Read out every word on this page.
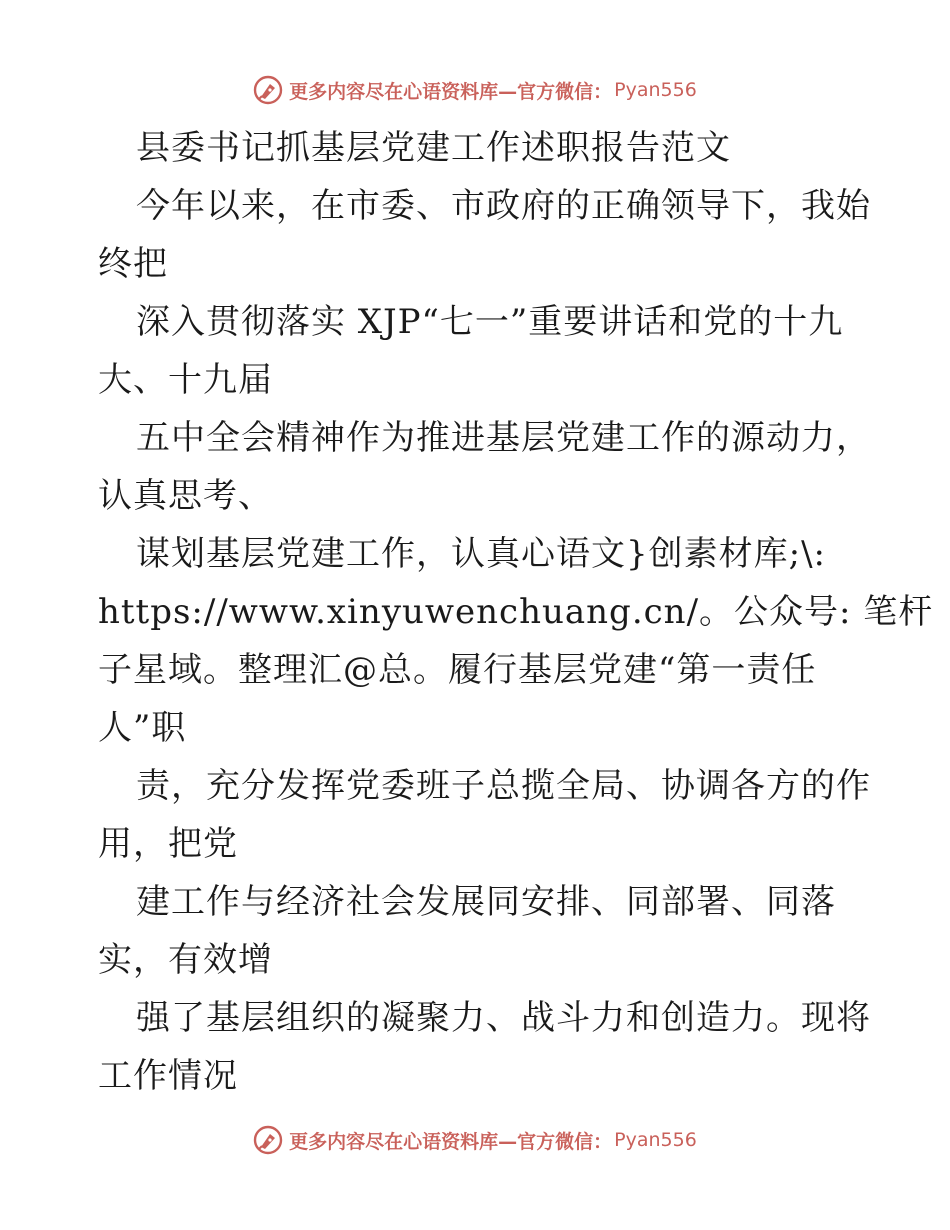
更多内容尽在心语资料库—官方微信： Pyan556
县委书记抓基层党建工作述职报告范文
今年以来，在市委、市政府的正确领导下，我始
终把
深入贯彻落实 XJP“七一”重要讲话和党的十九
大、十九届
五中全会精神作为推进基层党建工作的源动力，
认真思考、
谋划基层党建工作，认真心语文}创素材库;\:
https://www.xinyuwenchuang.cn/。公众号: 笔杆
子星域。整理汇@总。履行基层党建“第一责任
人”职
责，充分发挥党委班子总揽全局、协调各方的作
用，把党
建工作与经济社会发展同安排、同部署、同落
实，有效增
强了基层组织的凝聚力、战斗力和创造力。现将
工作情况
更多内容尽在心语资料库—官方微信： Pyan556
